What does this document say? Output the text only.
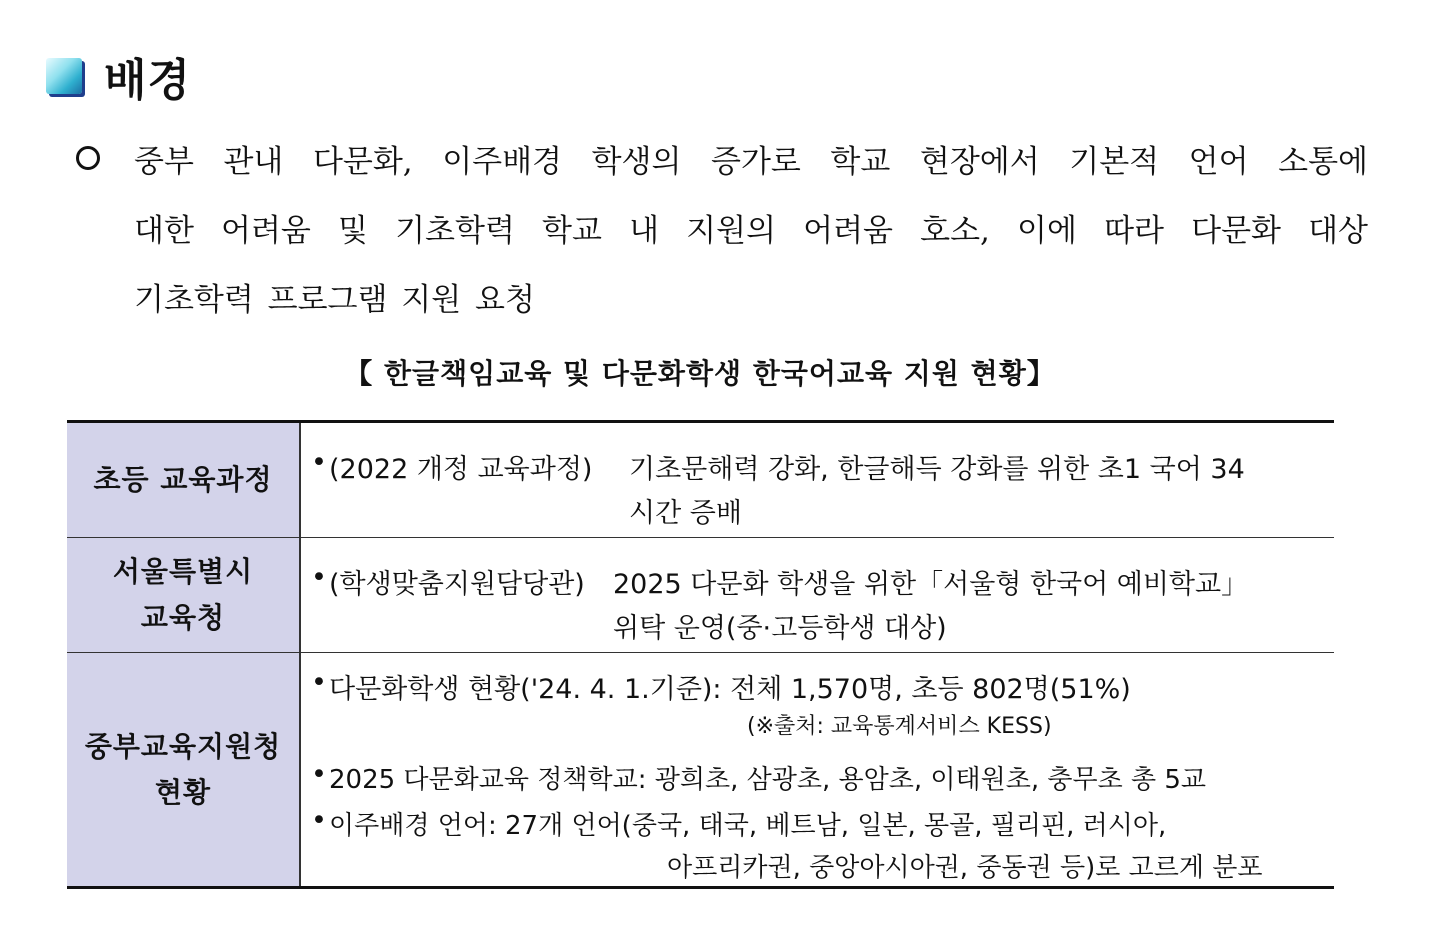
배경
중부 관내 다문화, 이주배경 학생의 증가로 학교 현장에서 기본적 언어 소통에
대한 어려움 및 기초학력 학교 내 지원의 어려움 호소, 이에 따라 다문화 대상
기초학력 프로그램 지원 요청
【 한글책임교육 및 다문화학생 한국어교육 지원 현황】
초등 교육과정
• (2022 개정 교육과정) 기초문해력 강화, 한글해득 강화를 위한 초1 국어 34
시간 증배
서울특별시
교육청
• (학생맞춤지원담당관) 2025 다문화 학생을 위한「서울형 한국어 예비학교」
위탁 운영(중·고등학생 대상)
중부교육지원청
현황
• 다문화학생 현황('24. 4. 1.기준): 전체 1,570명, 초등 802명(51%)
(※출처: 교육통계서비스 KESS)
• 2025 다문화교육 정책학교: 광희초, 삼광초, 용암초, 이태원초, 충무초 총 5교
• 이주배경 언어: 27개 언어(중국, 태국, 베트남, 일본, 몽골, 필리핀, 러시아,
아프리카권, 중앙아시아권, 중동권 등)로 고르게 분포
